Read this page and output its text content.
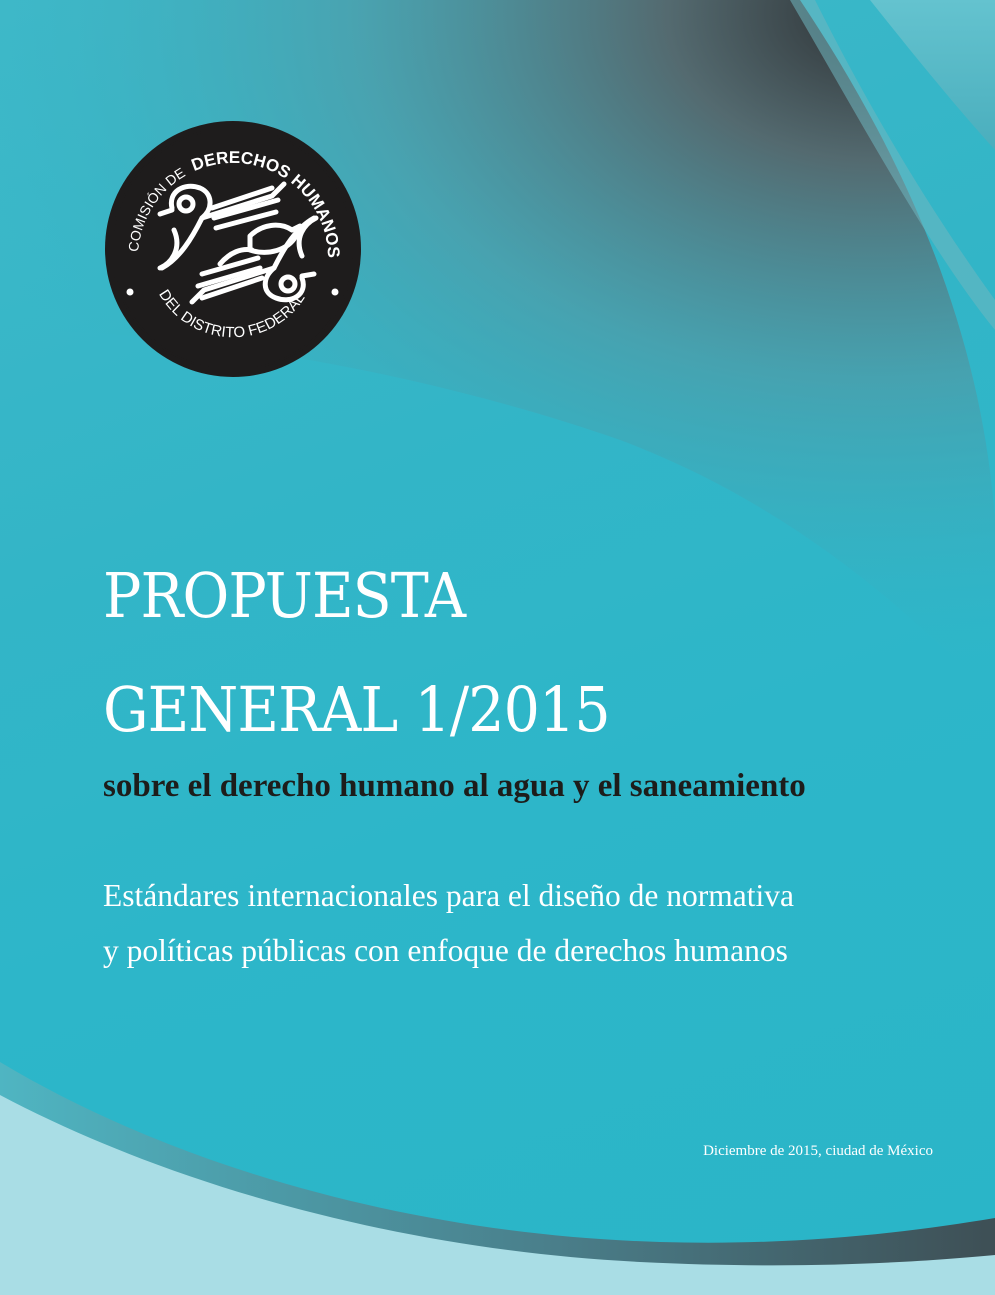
COMISIÓN DE DERECHOS HUMANOS
DEL DISTRITO FEDERAL
PROPUESTA
GENERAL 1/2015

sobre el derecho humano al agua y el saneamiento

Estándares internacionales para el diseño de normativa

y políticas públicas con enfoque de derechos humanos

Diciembre de 2015, ciudad de México
